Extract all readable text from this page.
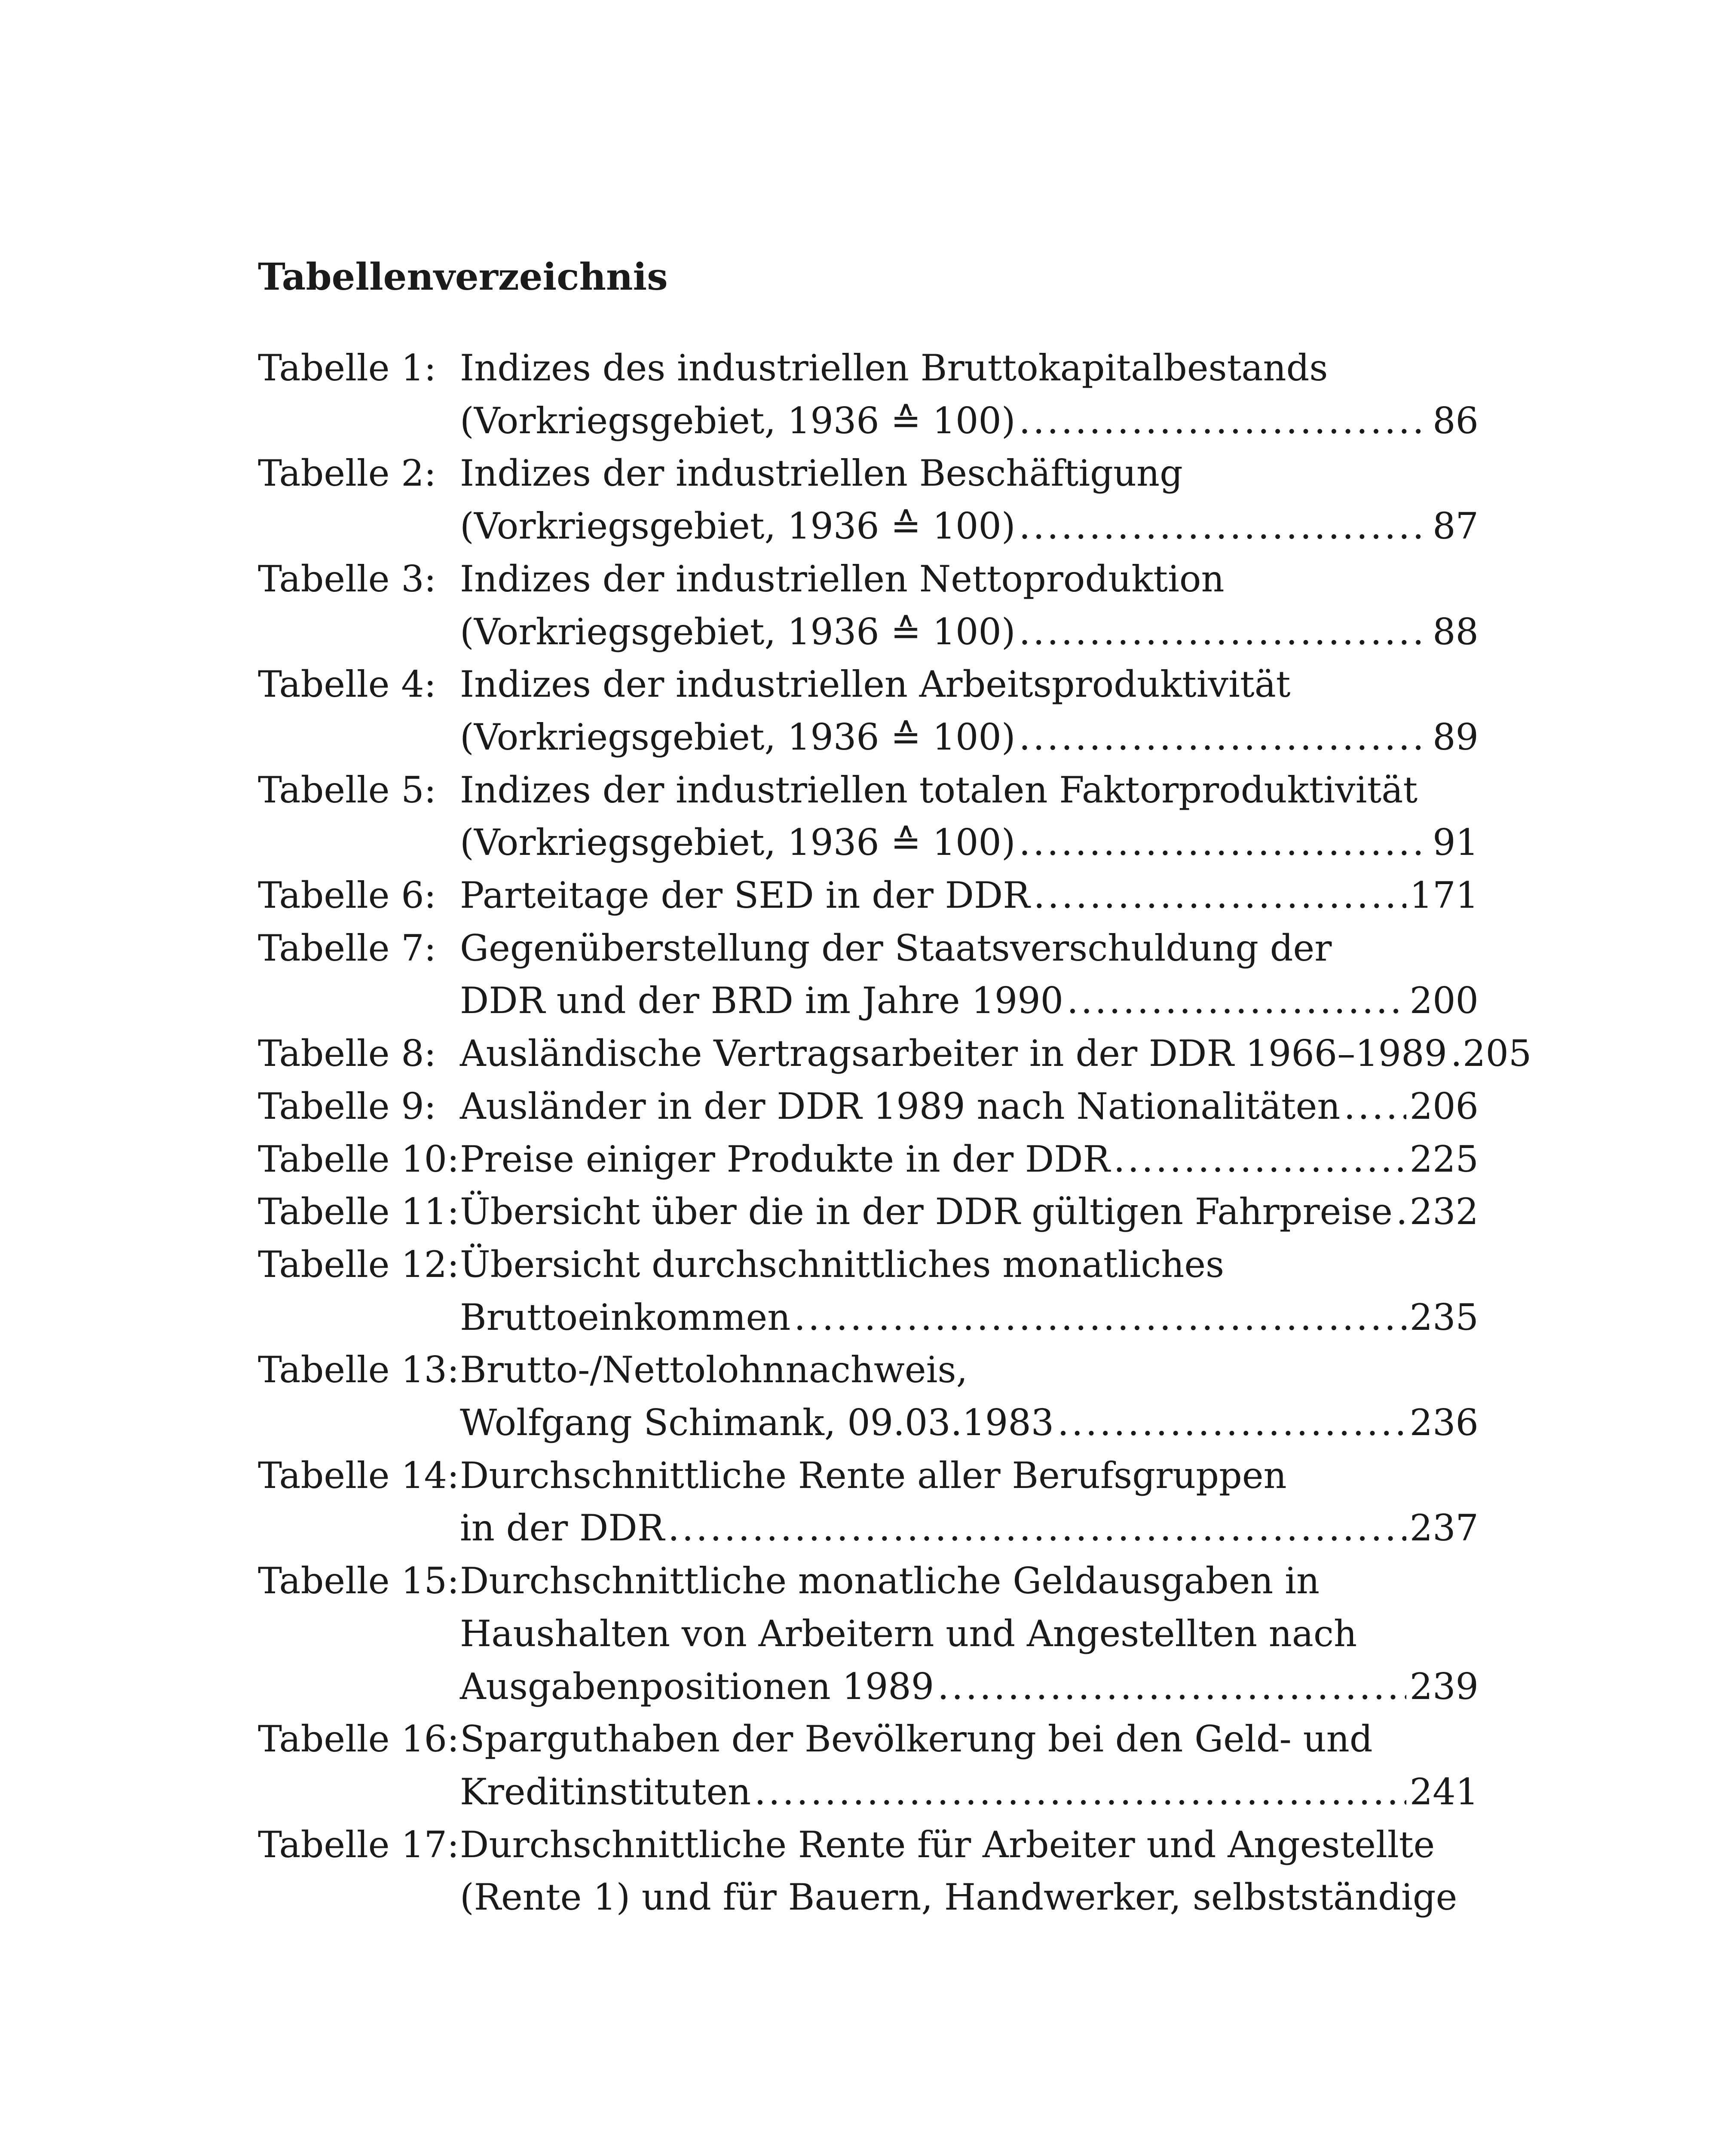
Tabellenverzeichnis
Tabelle 1: Indizes des industriellen Bruttokapitalbestands
(Vorkriegsgebiet, 1936 ≙ 100) .....	86
Tabelle 2: Indizes der industriellen Beschäftigung
(Vorkriegsgebiet, 1936 ≙ 100) .....	87
Tabelle 3: Indizes der industriellen Nettoproduktion
(Vorkriegsgebiet, 1936 ≙ 100) .....	88
Tabelle 4: Indizes der industriellen Arbeitsproduktivität
(Vorkriegsgebiet, 1936 ≙ 100) .....	89
Tabelle 5: Indizes der industriellen totalen Faktorproduktivität
(Vorkriegsgebiet, 1936 ≙ 100) .....	91
Tabelle 6: Parteitage der SED in der DDR .....	171
Tabelle 7: Gegenüberstellung der Staatsverschuldung der
DDR und der BRD im Jahre 1990 .....	200
Tabelle 8: Ausländische Vertragsarbeiter in der DDR 1966–1989 ..... 205
Tabelle 9: Ausländer in der DDR 1989 nach Nationalitäten ..... 206
Tabelle 10: Preise einiger Produkte in der DDR .....	225
Tabelle 11: Übersicht über die in der DDR gültigen Fahrpreise ..... 232
Tabelle 12: Übersicht durchschnittliches monatliches
Bruttoeinkommen .....	235
Tabelle 13: Brutto-/Nettolohnnachweis,
Wolfgang Schimank, 09.03.1983 .....	236
Tabelle 14: Durchschnittliche Rente aller Berufsgruppen
in der DDR .....	237
Tabelle 15: Durchschnittliche monatliche Geldausgaben in
Haushalten von Arbeitern und Angestellten nach
Ausgabenpositionen 1989 .....	239
Tabelle 16: Sparguthaben der Bevölkerung bei den Geld- und
Kreditinstituten .....	241
Tabelle 17: Durchschnittliche Rente für Arbeiter und Angestellte
(Rente 1) und für Bauern, Handwerker, selbstständige
